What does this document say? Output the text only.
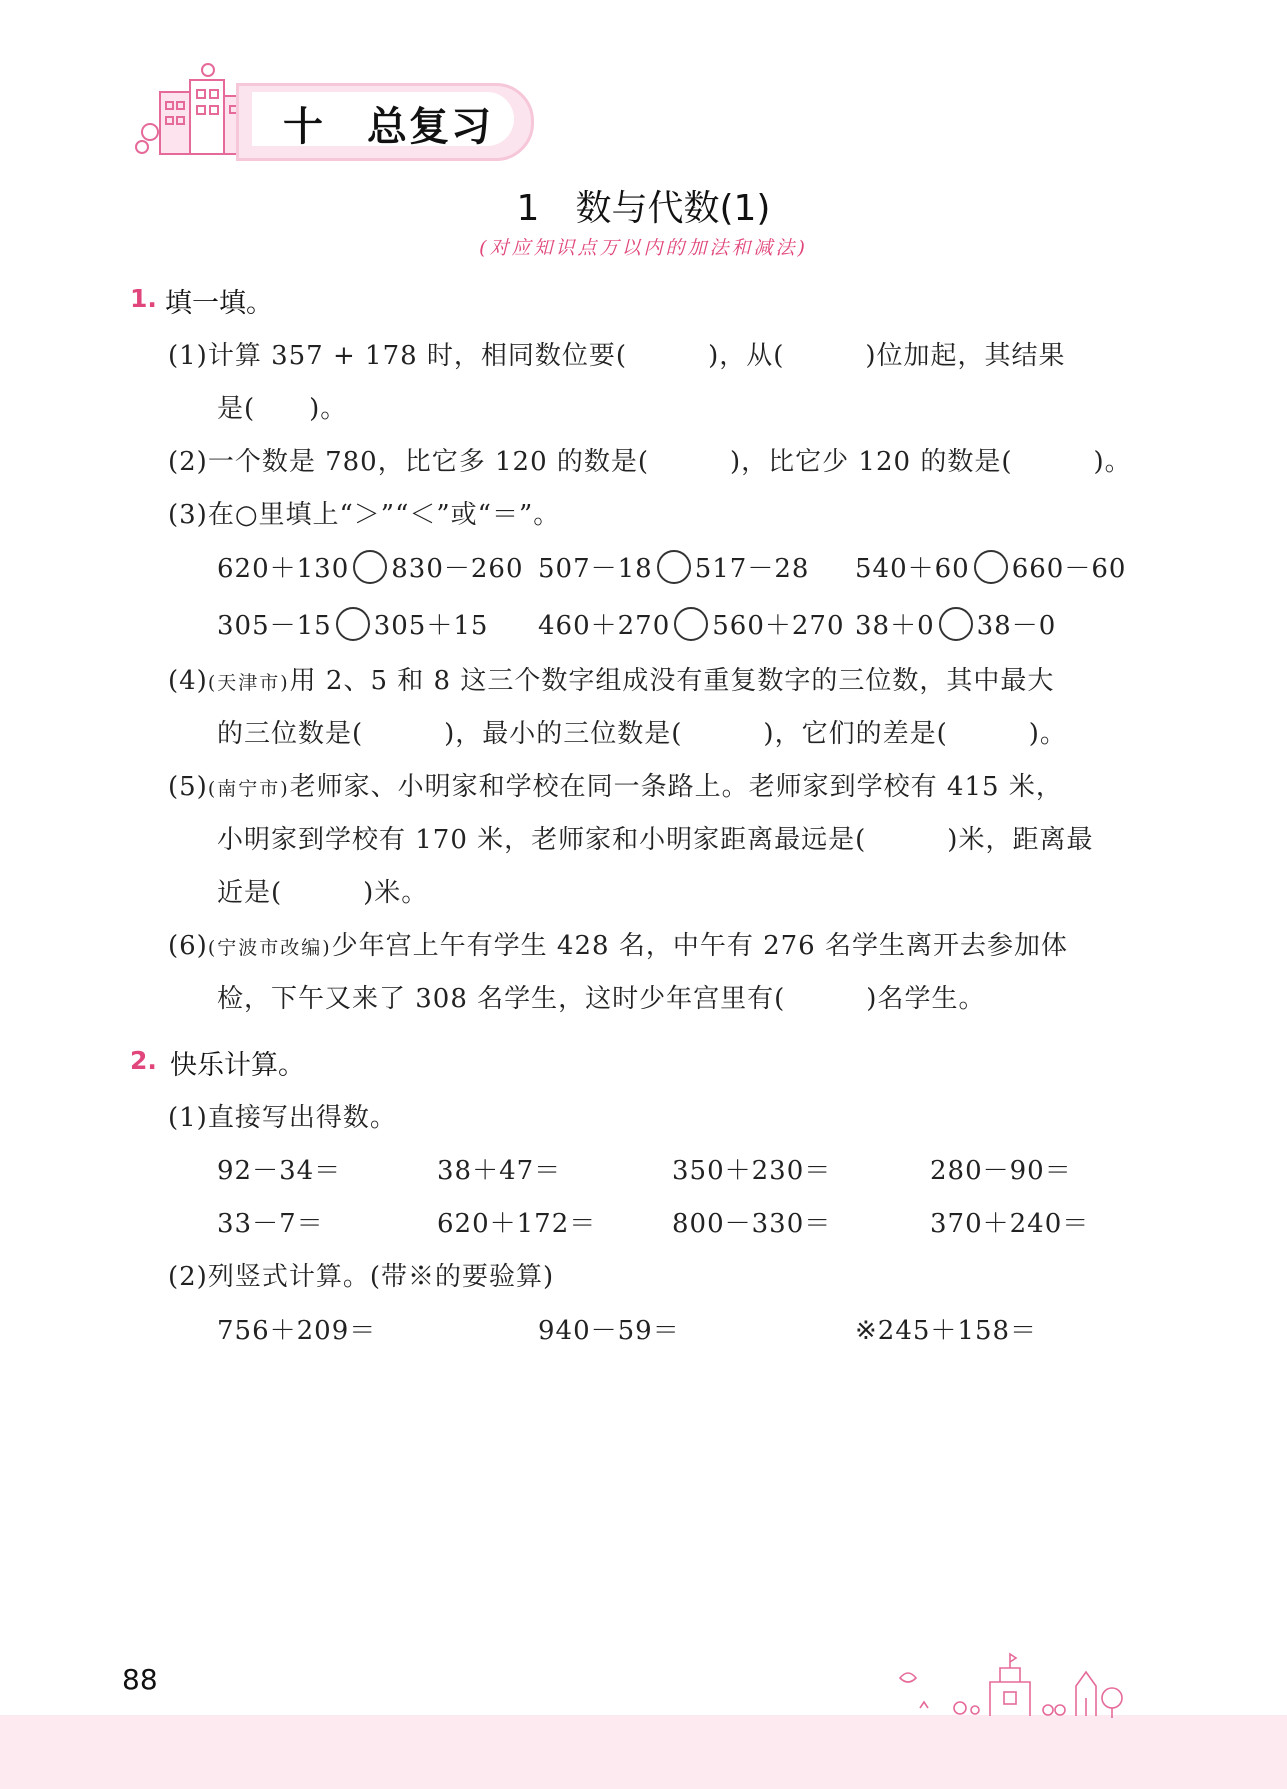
十　总复习
1　数与代数(1)
(对应知识点万以内的加法和减法)
1. 填一填。
(1)计算 357 + 178 时，相同数位要(　　　)，从(　　　)位加起，其结果
是(　　)。
(2)一个数是 780，比它多 120 的数是(　　　)，比它少 120 的数是(　　　)。
(3)在○里填上“＞”“＜”或“＝”。
620＋130 830－260 507－18 517－28 540＋60 660－60
305－15 305＋15 460＋270 560＋270 38＋0 38－0
(4)(天津市)用 2、5 和 8 这三个数字组成没有重复数字的三位数，其中最大
的三位数是(　　　)，最小的三位数是(　　　)，它们的差是(　　　)。
(5)(南宁市)老师家、小明家和学校在同一条路上。老师家到学校有 415 米，
小明家到学校有 170 米，老师家和小明家距离最远是(　　　)米，距离最
近是(　　　)米。
(6)(宁波市改编)少年宫上午有学生 428 名，中午有 276 名学生离开去参加体
检，下午又来了 308 名学生，这时少年宫里有(　　　)名学生。
2. 快乐计算。
(1)直接写出得数。
92－34＝	38＋47＝	350＋230＝	280－90＝
33－7＝	620＋172＝	800－330＝	370＋240＝
(2)列竖式计算。(带※的要验算)
756＋209＝	940－59＝	※245＋158＝
88
